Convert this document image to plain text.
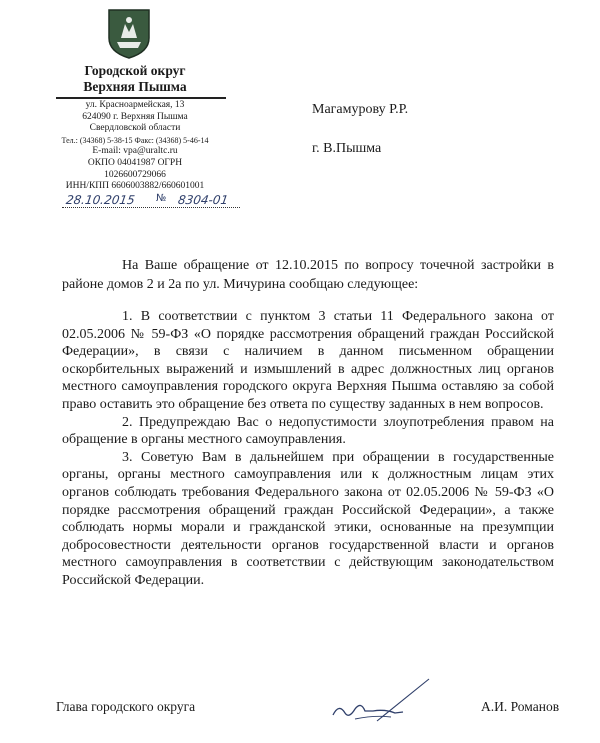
Городской округ
Верхняя Пышма
ул. Красноармейская, 13
624090 г. Верхняя Пышма
Свердловской области
Тел.: (34368) 5-38-15 Факс: (34368) 5-46-14
E-mail: vpa@uraltc.ru
ОКПО 04041987 ОГРН
1026600729066
ИНН/КПП 6606003882/660601001
28.10.2015 № 8304-01
Магамурову Р.Р.
г. В.Пышма
На Ваше обращение от 12.10.2015 по вопросу точечной застройки в районе домов 2 и 2а по ул. Мичурина сообщаю следующее:

1. В соответствии с пунктом 3 статьи 11 Федерального закона от 02.05.2006 № 59-ФЗ «О порядке рассмотрения обращений граждан Российской Федерации», в связи с наличием в данном письменном обращении оскорбительных выражений и измышлений в адрес должностных лиц органов местного самоуправления городского округа Верхняя Пышма оставляю за собой право оставить это обращение без ответа по существу заданных в нем вопросов.

2. Предупреждаю Вас о недопустимости злоупотребления правом на обращение в органы местного самоуправления.

3. Советую Вам в дальнейшем при обращении в государственные органы, органы местного самоуправления или к должностным лицам этих органов соблюдать требования Федерального закона от 02.05.2006 № 59-ФЗ «О порядке рассмотрения обращений граждан Российской Федерации», а также соблюдать нормы морали и гражданской этики, основанные на презумпции добросовестности деятельности органов государственной власти и органов местного самоуправления в соответствии с действующим законодательством Российской Федерации.

Глава городского округа	А.И. Романов
